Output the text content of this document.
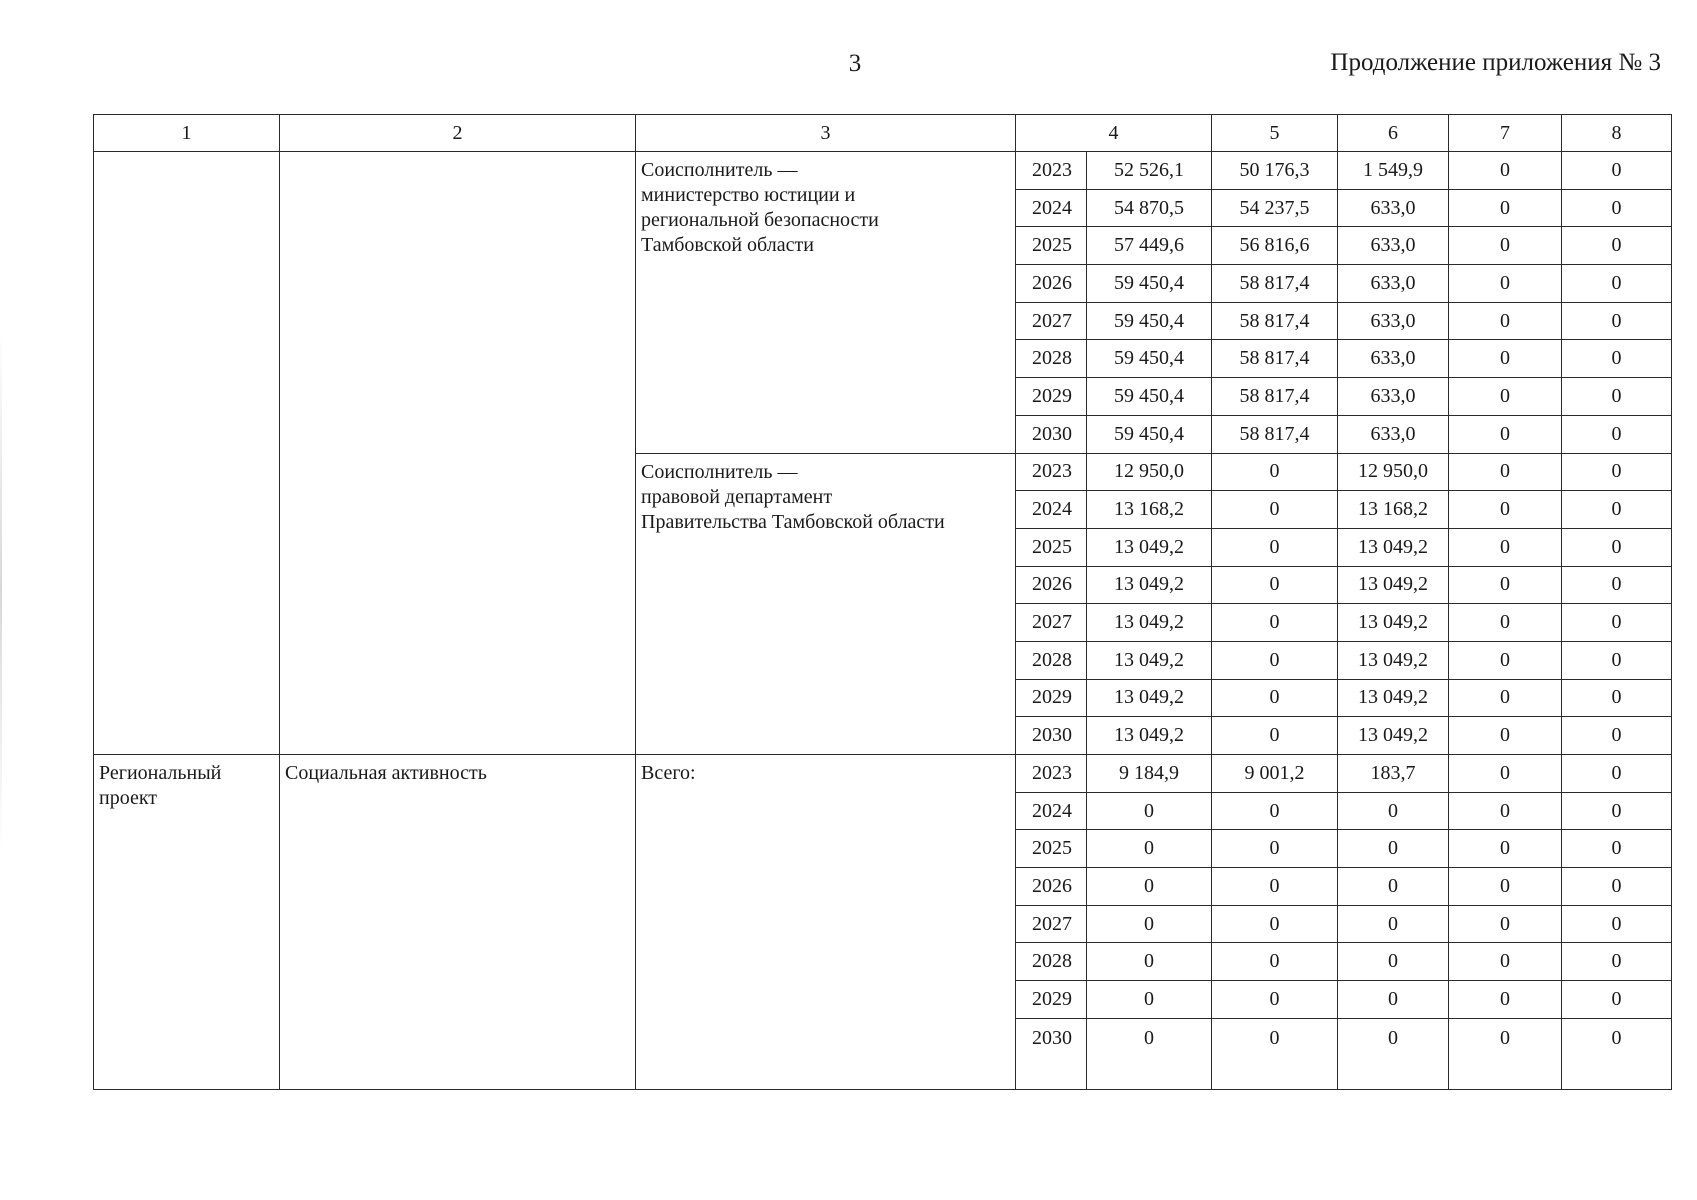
3	Продолжение приложения № 3
1	2	3	4		5	6	7	8
		Соисполнитель —
министерство юстиции и
региональной безопасности
Тамбовской области	2023	52 526,1	50 176,3	1 549,9	0	0
			2024	54 870,5	54 237,5	633,0	0	0
			2025	57 449,6	56 816,6	633,0	0	0
			2026	59 450,4	58 817,4	633,0	0	0
			2027	59 450,4	58 817,4	633,0	0	0
			2028	59 450,4	58 817,4	633,0	0	0
			2029	59 450,4	58 817,4	633,0	0	0
			2030	59 450,4	58 817,4	633,0	0	0
		Соисполнитель —
правовой департамент
Правительства Тамбовской области	2023	12 950,0	0	12 950,0	0	0
			2024	13 168,2	0	13 168,2	0	0
			2025	13 049,2	0	13 049,2	0	0
			2026	13 049,2	0	13 049,2	0	0
			2027	13 049,2	0	13 049,2	0	0
			2028	13 049,2	0	13 049,2	0	0
			2029	13 049,2	0	13 049,2	0	0
			2030	13 049,2	0	13 049,2	0	0
Региональный
проект	Социальная активность	Всего:	2023	9 184,9	9 001,2	183,7	0	0
			2024	0	0	0	0	0
			2025	0	0	0	0	0
			2026	0	0	0	0	0
			2027	0	0	0	0	0
			2028	0	0	0	0	0
			2029	0	0	0	0	0
			2030	0	0	0	0	0
